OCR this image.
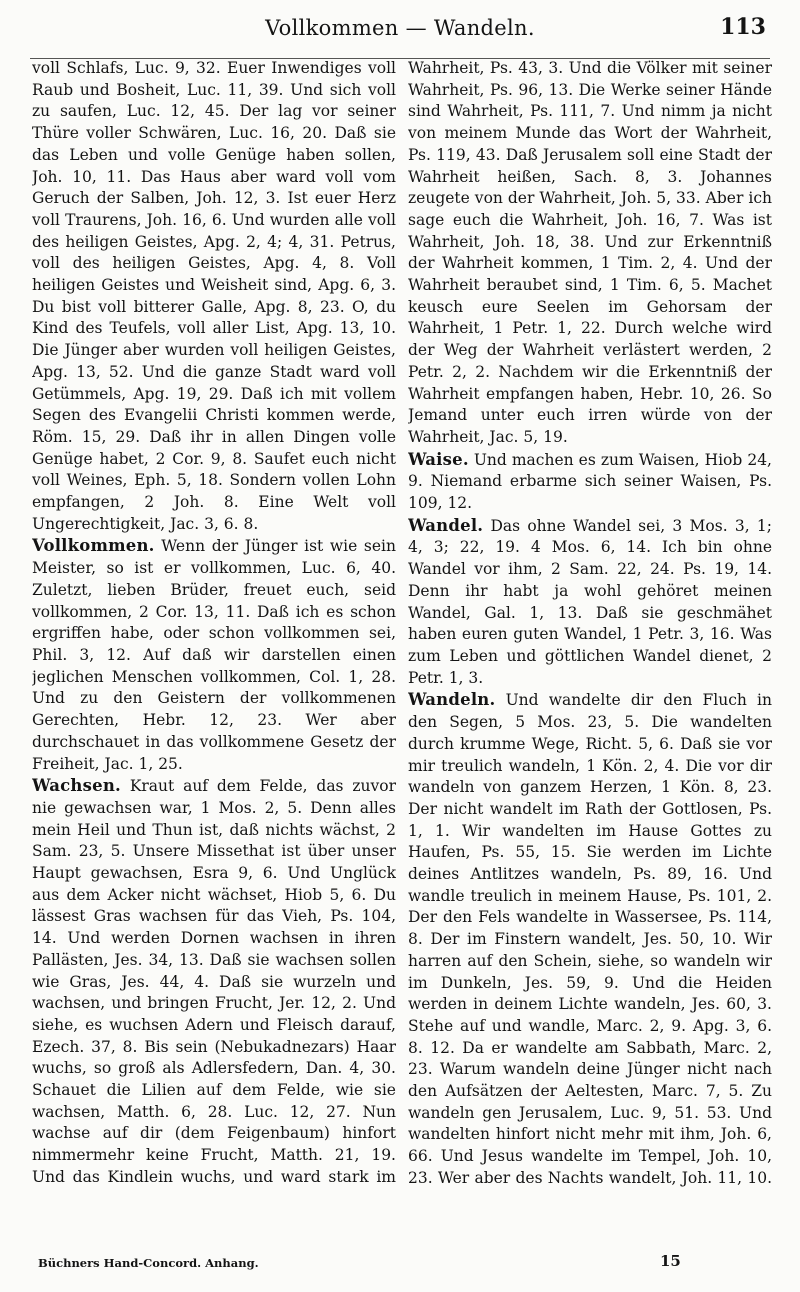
Vollkommen — Wandeln.	113

voll Schlafs, Luc. 9, 32. Euer Inwendiges voll Raub und Bosheit, Luc. 11, 39. Und sich voll zu saufen, Luc. 12, 45. Der lag vor seiner Thüre voller Schwären, Luc. 16, 20. Daß sie das Leben und volle Genüge haben sollen, Joh. 10, 11. Das Haus aber ward voll vom Geruch der Salben, Joh. 12, 3. Ist euer Herz voll Traurens, Joh. 16, 6. Und wurden alle voll des heiligen Geistes, Apg. 2, 4; 4, 31. Petrus, voll des heiligen Geistes, Apg. 4, 8. Voll heiligen Geistes und Weisheit sind, Apg. 6, 3. Du bist voll bitterer Galle, Apg. 8, 23. O, du Kind des Teufels, voll aller List, Apg. 13, 10. Die Jünger aber wurden voll heiligen Geistes, Apg. 13, 52. Und die ganze Stadt ward voll Getümmels, Apg. 19, 29. Daß ich mit vollem Segen des Evangelii Christi kommen werde, Röm. 15, 29. Daß ihr in allen Dingen volle Genüge habet, 2 Cor. 9, 8. Saufet euch nicht voll Weines, Eph. 5, 18. Sondern vollen Lohn empfangen, 2 Joh. 8. Eine Welt voll Ungerechtigkeit, Jac. 3, 6. 8.

Vollkommen. Wenn der Jünger ist wie sein Meister, so ist er vollkommen, Luc. 6, 40. Zuletzt, lieben Brüder, freuet euch, seid vollkommen, 2 Cor. 13, 11. Daß ich es schon ergriffen habe, oder schon vollkommen sei, Phil. 3, 12. Auf daß wir darstellen einen jeglichen Menschen vollkommen, Col. 1, 28. Und zu den Geistern der vollkommenen Gerechten, Hebr. 12, 23. Wer aber durchschauet in das vollkommene Gesetz der Freiheit, Jac. 1, 25.

Wachsen. Kraut auf dem Felde, das zuvor nie gewachsen war, 1 Mos. 2, 5. Denn alles mein Heil und Thun ist, daß nichts wächst, 2 Sam. 23, 5. Unsere Missethat ist über unser Haupt gewachsen, Esra 9, 6. Und Unglück aus dem Acker nicht wächset, Hiob 5, 6. Du lässest Gras wachsen für das Vieh, Ps. 104, 14. Und werden Dornen wachsen in ihren Pallästen, Jes. 34, 13. Daß sie wachsen sollen wie Gras, Jes. 44, 4. Daß sie wurzeln und wachsen, und bringen Frucht, Jer. 12, 2. Und siehe, es wuchsen Adern und Fleisch darauf, Ezech. 37, 8. Bis sein (Nebukadnezars) Haar wuchs, so groß als Adlersfedern, Dan. 4, 30. Schauet die Lilien auf dem Felde, wie sie wachsen, Matth. 6, 28. Luc. 12, 27. Nun wachse auf dir (dem Feigenbaum) hinfort nimmermehr keine Frucht, Matth. 21, 19. Und das Kindlein wuchs, und ward stark im

Wahrheit, Ps. 43, 3. Und die Völker mit seiner Wahrheit, Ps. 96, 13. Die Werke seiner Hände sind Wahrheit, Ps. 111, 7. Und nimm ja nicht von meinem Munde das Wort der Wahrheit, Ps. 119, 43. Daß Jerusalem soll eine Stadt der Wahrheit heißen, Sach. 8, 3. Johannes zeugete von der Wahrheit, Joh. 5, 33. Aber ich sage euch die Wahrheit, Joh. 16, 7. Was ist Wahrheit, Joh. 18, 38. Und zur Erkenntniß der Wahrheit kommen, 1 Tim. 2, 4. Und der Wahrheit beraubet sind, 1 Tim. 6, 5. Machet keusch eure Seelen im Gehorsam der Wahrheit, 1 Petr. 1, 22. Durch welche wird der Weg der Wahrheit verlästert werden, 2 Petr. 2, 2. Nachdem wir die Erkenntniß der Wahrheit empfangen haben, Hebr. 10, 26. So Jemand unter euch irren würde von der Wahrheit, Jac. 5, 19.

Waise. Und machen es zum Waisen, Hiob 24, 9. Niemand erbarme sich seiner Waisen, Ps. 109, 12.

Wandel. Das ohne Wandel sei, 3 Mos. 3, 1; 4, 3; 22, 19. 4 Mos. 6, 14. Ich bin ohne Wandel vor ihm, 2 Sam. 22, 24. Ps. 19, 14. Denn ihr habt ja wohl gehöret meinen Wandel, Gal. 1, 13. Daß sie geschmähet haben euren guten Wandel, 1 Petr. 3, 16. Was zum Leben und göttlichen Wandel dienet, 2 Petr. 1, 3.

Wandeln. Und wandelte dir den Fluch in den Segen, 5 Mos. 23, 5. Die wandelten durch krumme Wege, Richt. 5, 6. Daß sie vor mir treulich wandeln, 1 Kön. 2, 4. Die vor dir wandeln von ganzem Herzen, 1 Kön. 8, 23. Der nicht wandelt im Rath der Gottlosen, Ps. 1, 1. Wir wandelten im Hause Gottes zu Haufen, Ps. 55, 15. Sie werden im Lichte deines Antlitzes wandeln, Ps. 89, 16. Und wandle treulich in meinem Hause, Ps. 101, 2. Der den Fels wandelte in Wassersee, Ps. 114, 8. Der im Finstern wandelt, Jes. 50, 10. Wir harren auf den Schein, siehe, so wandeln wir im Dunkeln, Jes. 59, 9. Und die Heiden werden in deinem Lichte wandeln, Jes. 60, 3. Stehe auf und wandle, Marc. 2, 9. Apg. 3, 6. 8. 12. Da er wandelte am Sabbath, Marc. 2, 23. Warum wandeln deine Jünger nicht nach den Aufsätzen der Aeltesten, Marc. 7, 5. Zu wandeln gen Jerusalem, Luc. 9, 51. 53. Und wandelten hinfort nicht mehr mit ihm, Joh. 6, 66. Und Jesus wandelte im Tempel, Joh. 10, 23. Wer aber des Nachts wandelt, Joh. 11, 10.

Büchners Hand-Concord. Anhang.	15
